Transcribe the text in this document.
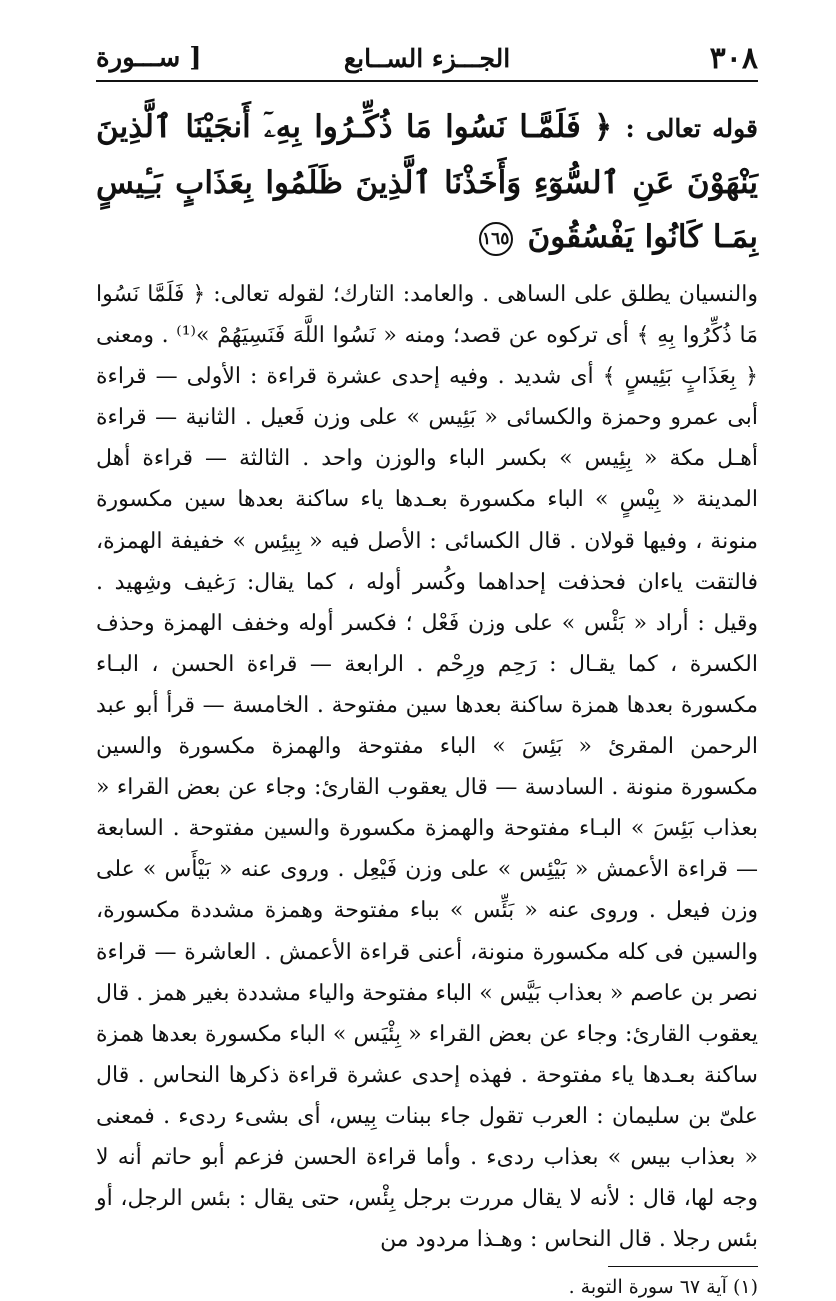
٣٠٨
الجـــزء الســابع
[ ســـورة
قوله تعالى : ﴿ فَلَمَّـا نَسُوا مَا ذُكِّـرُوا بِهِۦٓ أَنجَيْنَا ٱلَّذِينَ يَنْهَوْنَ عَنِ ٱلسُّوٓءِ وَأَخَذْنَا ٱلَّذِينَ ظَلَمُوا بِعَذَابٍ بَـِٔيسٍ بِمَـا كَانُوا يَفْسُقُونَ ١٦٥

والنسيان يطلق على الساهى . والعامد: التارك؛ لقوله تعالى: ﴿ فَلَمَّا نَسُوا مَا ذُكِّرُوا بِهِ ﴾ أى تركوه عن قصد؛ ومنه « نَسُوا اللَّهَ فَنَسِيَهُمْ »⁽¹⁾ . ومعنى ﴿ بِعَذَابٍ بَئِيسٍ ﴾ أى شديد . وفيه إحدى عشرة قراءة : الأولى — قراءة أبى عمرو وحمزة والكسائى « بَئِيس » على وزن فَعيل . الثانية — قراءة أهـل مكة « بِئِيس » بكسر الباء والوزن واحد . الثالثة — قراءة أهل المدينة « بِيْسٍ » الباء مكسورة بعـدها ياء ساكنة بعدها سين مكسورة منونة ، وفيها قولان . قال الكسائى : الأصل فيه « بِيئِس » خفيفة الهمزة، فالتقت ياءان فحذفت إحداهما وكُسر أوله ، كما يقال: رَغيف وشِهيد . وقيل : أراد « بَئْس » على وزن فَعْل ؛ فكسر أوله وخفف الهمزة وحذف الكسرة ، كما يقـال : رَحِم ورِحْم . الرابعة — قراءة الحسن ، البـاء مكسورة بعدها همزة ساكنة بعدها سين مفتوحة . الخامسة — قرأ أبو عبد الرحمن المقرئ « بَئِسَ » الباء مفتوحة والهمزة مكسورة والسين مكسورة منونة . السادسة — قال يعقوب القارئ: وجاء عن بعض القراء « بعذاب بَئِسَ » البـاء مفتوحة والهمزة مكسورة والسين مفتوحة . السابعة — قراءة الأعمش « بَيْئِس » على وزن فَيْعِل . وروى عنه « بَيْأَس » على وزن فيعل . وروى عنه « بَئِّس » بباء مفتوحة وهمزة مشددة مكسورة، والسين فى كله مكسورة منونة، أعنى قراءة الأعمش . العاشرة — قراءة نصر بن عاصم « بعذاب بَيَّس » الباء مفتوحة والياء مشددة بغير همز . قال يعقوب القارئ: وجاء عن بعض القراء « بِئْيَس » الباء مكسورة بعدها همزة ساكنة بعـدها ياء مفتوحة . فهذه إحدى عشرة قراءة ذكرها النحاس . قال علىّ بن سليمان : العرب تقول جاء ببنات بِيس، أى بشىء ردىء . فمعنى « بعذاب بيس » بعذاب ردىء . وأما قراءة الحسن فزعم أبو حاتم أنه لا وجه لها، قال : لأنه لا يقال مررت برجل بِئْس، حتى يقال : بئس الرجل، أو بئس رجلا . قال النحاس : وهـذا مردود من

(١) آية ٦٧ سورة التوبة .
